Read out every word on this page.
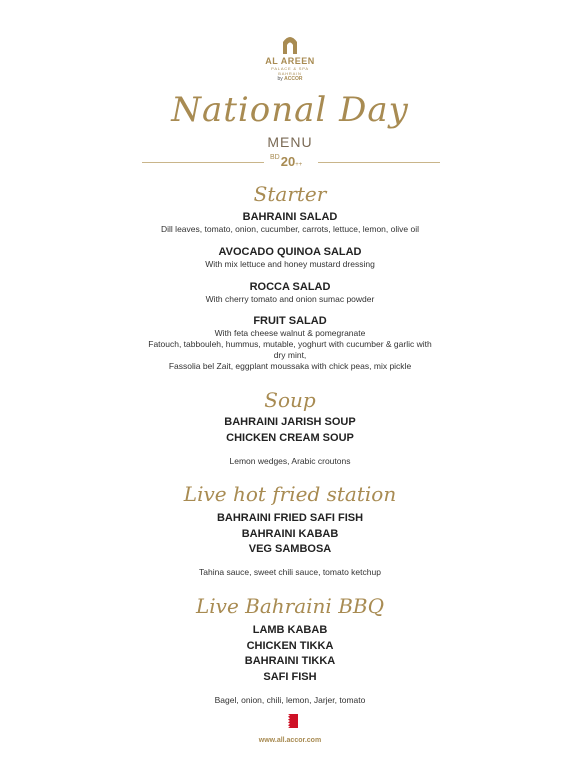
AL AREEN
PALACE & SPA
BAHRAIN
by ACCOR
National Day
MENU
$^{BD}$20++
Starter
BAHRAINI SALAD
Dill leaves, tomato, onion, cucumber, carrots, lettuce, lemon, olive oil
AVOCADO QUINOA SALAD
With mix lettuce and honey mustard dressing
ROCCA SALAD
With cherry tomato and onion sumac powder
FRUIT SALAD
With feta cheese walnut & pomegranate
Fatouch, tabbouleh, hummus, mutable, yoghurt with cucumber & garlic with
dry mint,
Fassolia bel Zait, eggplant moussaka with chick peas, mix pickle
Soup
BAHRAINI JARISH SOUP
CHICKEN CREAM SOUP
Lemon wedges, Arabic croutons
Live hot fried station
BAHRAINI FRIED SAFI FISH
BAHRAINI KABAB
VEG SAMBOSA
Tahina sauce, sweet chili sauce, tomato ketchup
Live Bahraini BBQ
LAMB KABAB
CHICKEN TIKKA
BAHRAINI TIKKA
SAFI FISH
Bagel, onion, chili, lemon, Jarjer, tomato
www.all.accor.com
